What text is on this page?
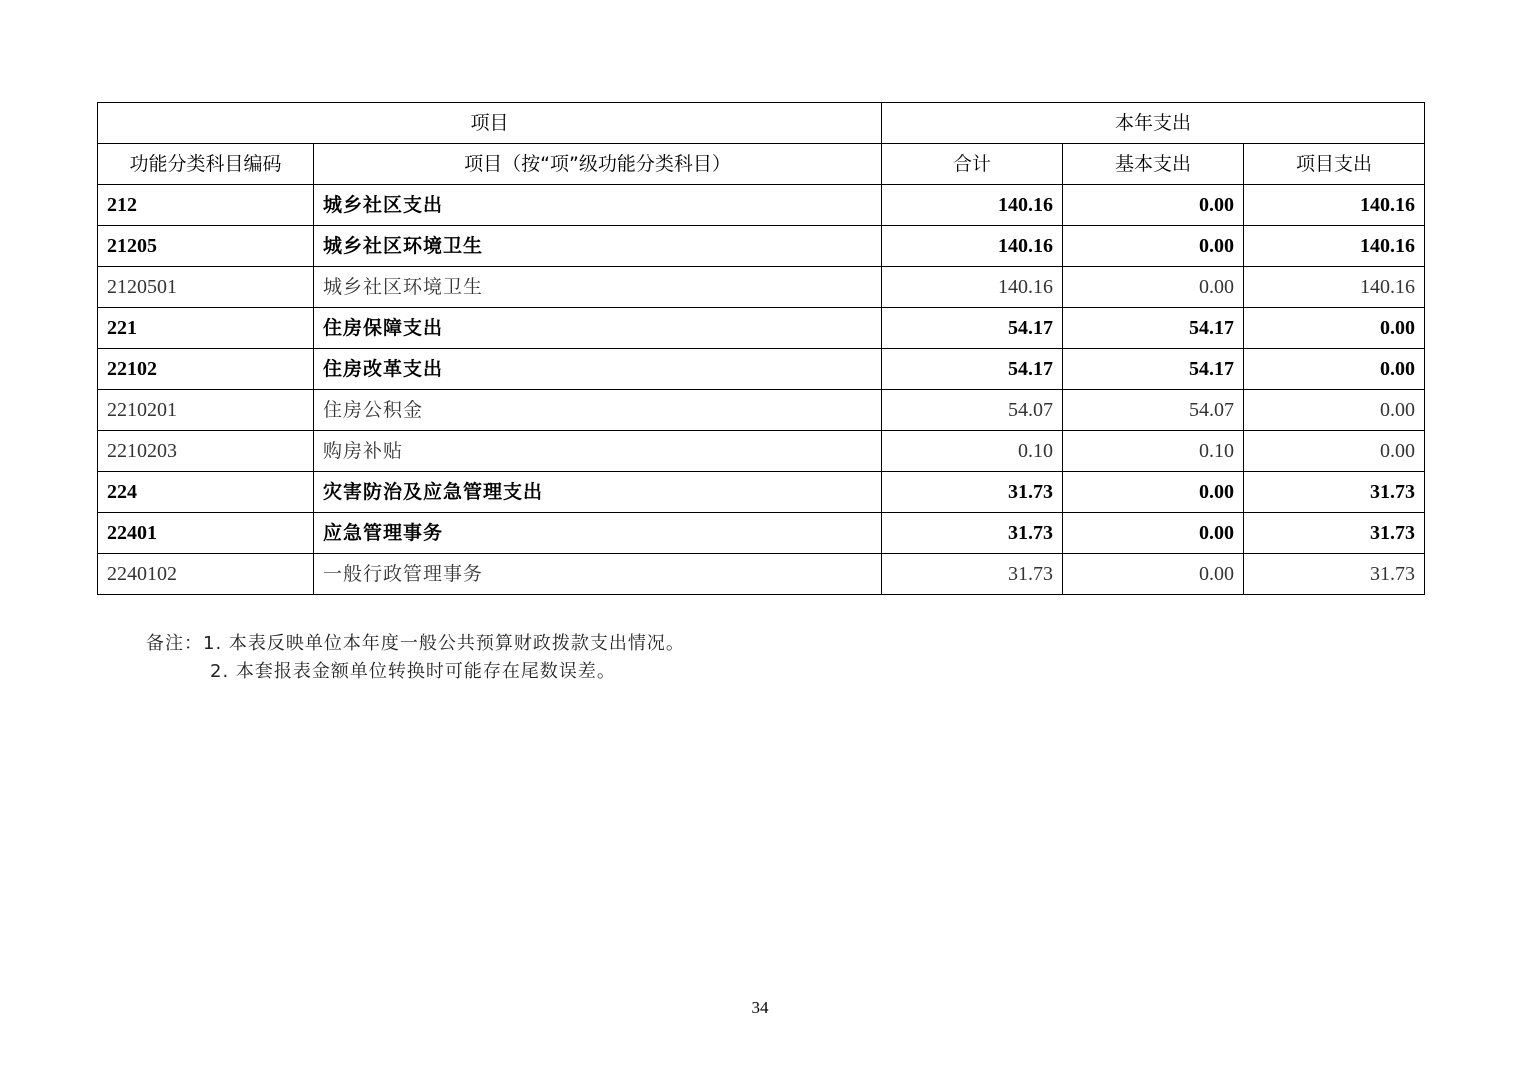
项目		本年支出		
功能分类科目编码	项目（按“项”级功能分类科目）	合计	基本支出	项目支出
212	城乡社区支出	140.16	0.00	140.16
21205	城乡社区环境卫生	140.16	0.00	140.16
2120501	城乡社区环境卫生	140.16	0.00	140.16
221	住房保障支出	54.17	54.17	0.00
22102	住房改革支出	54.17	54.17	0.00
2210201	住房公积金	54.07	54.07	0.00
2210203	购房补贴	0.10	0.10	0.00
224	灾害防治及应急管理支出	31.73	0.00	31.73
22401	应急管理事务	31.73	0.00	31.73
2240102	一般行政管理事务	31.73	0.00	31.73
备注：1. 本表反映单位本年度一般公共预算财政拨款支出情况。
2. 本套报表金额单位转换时可能存在尾数误差。
34
